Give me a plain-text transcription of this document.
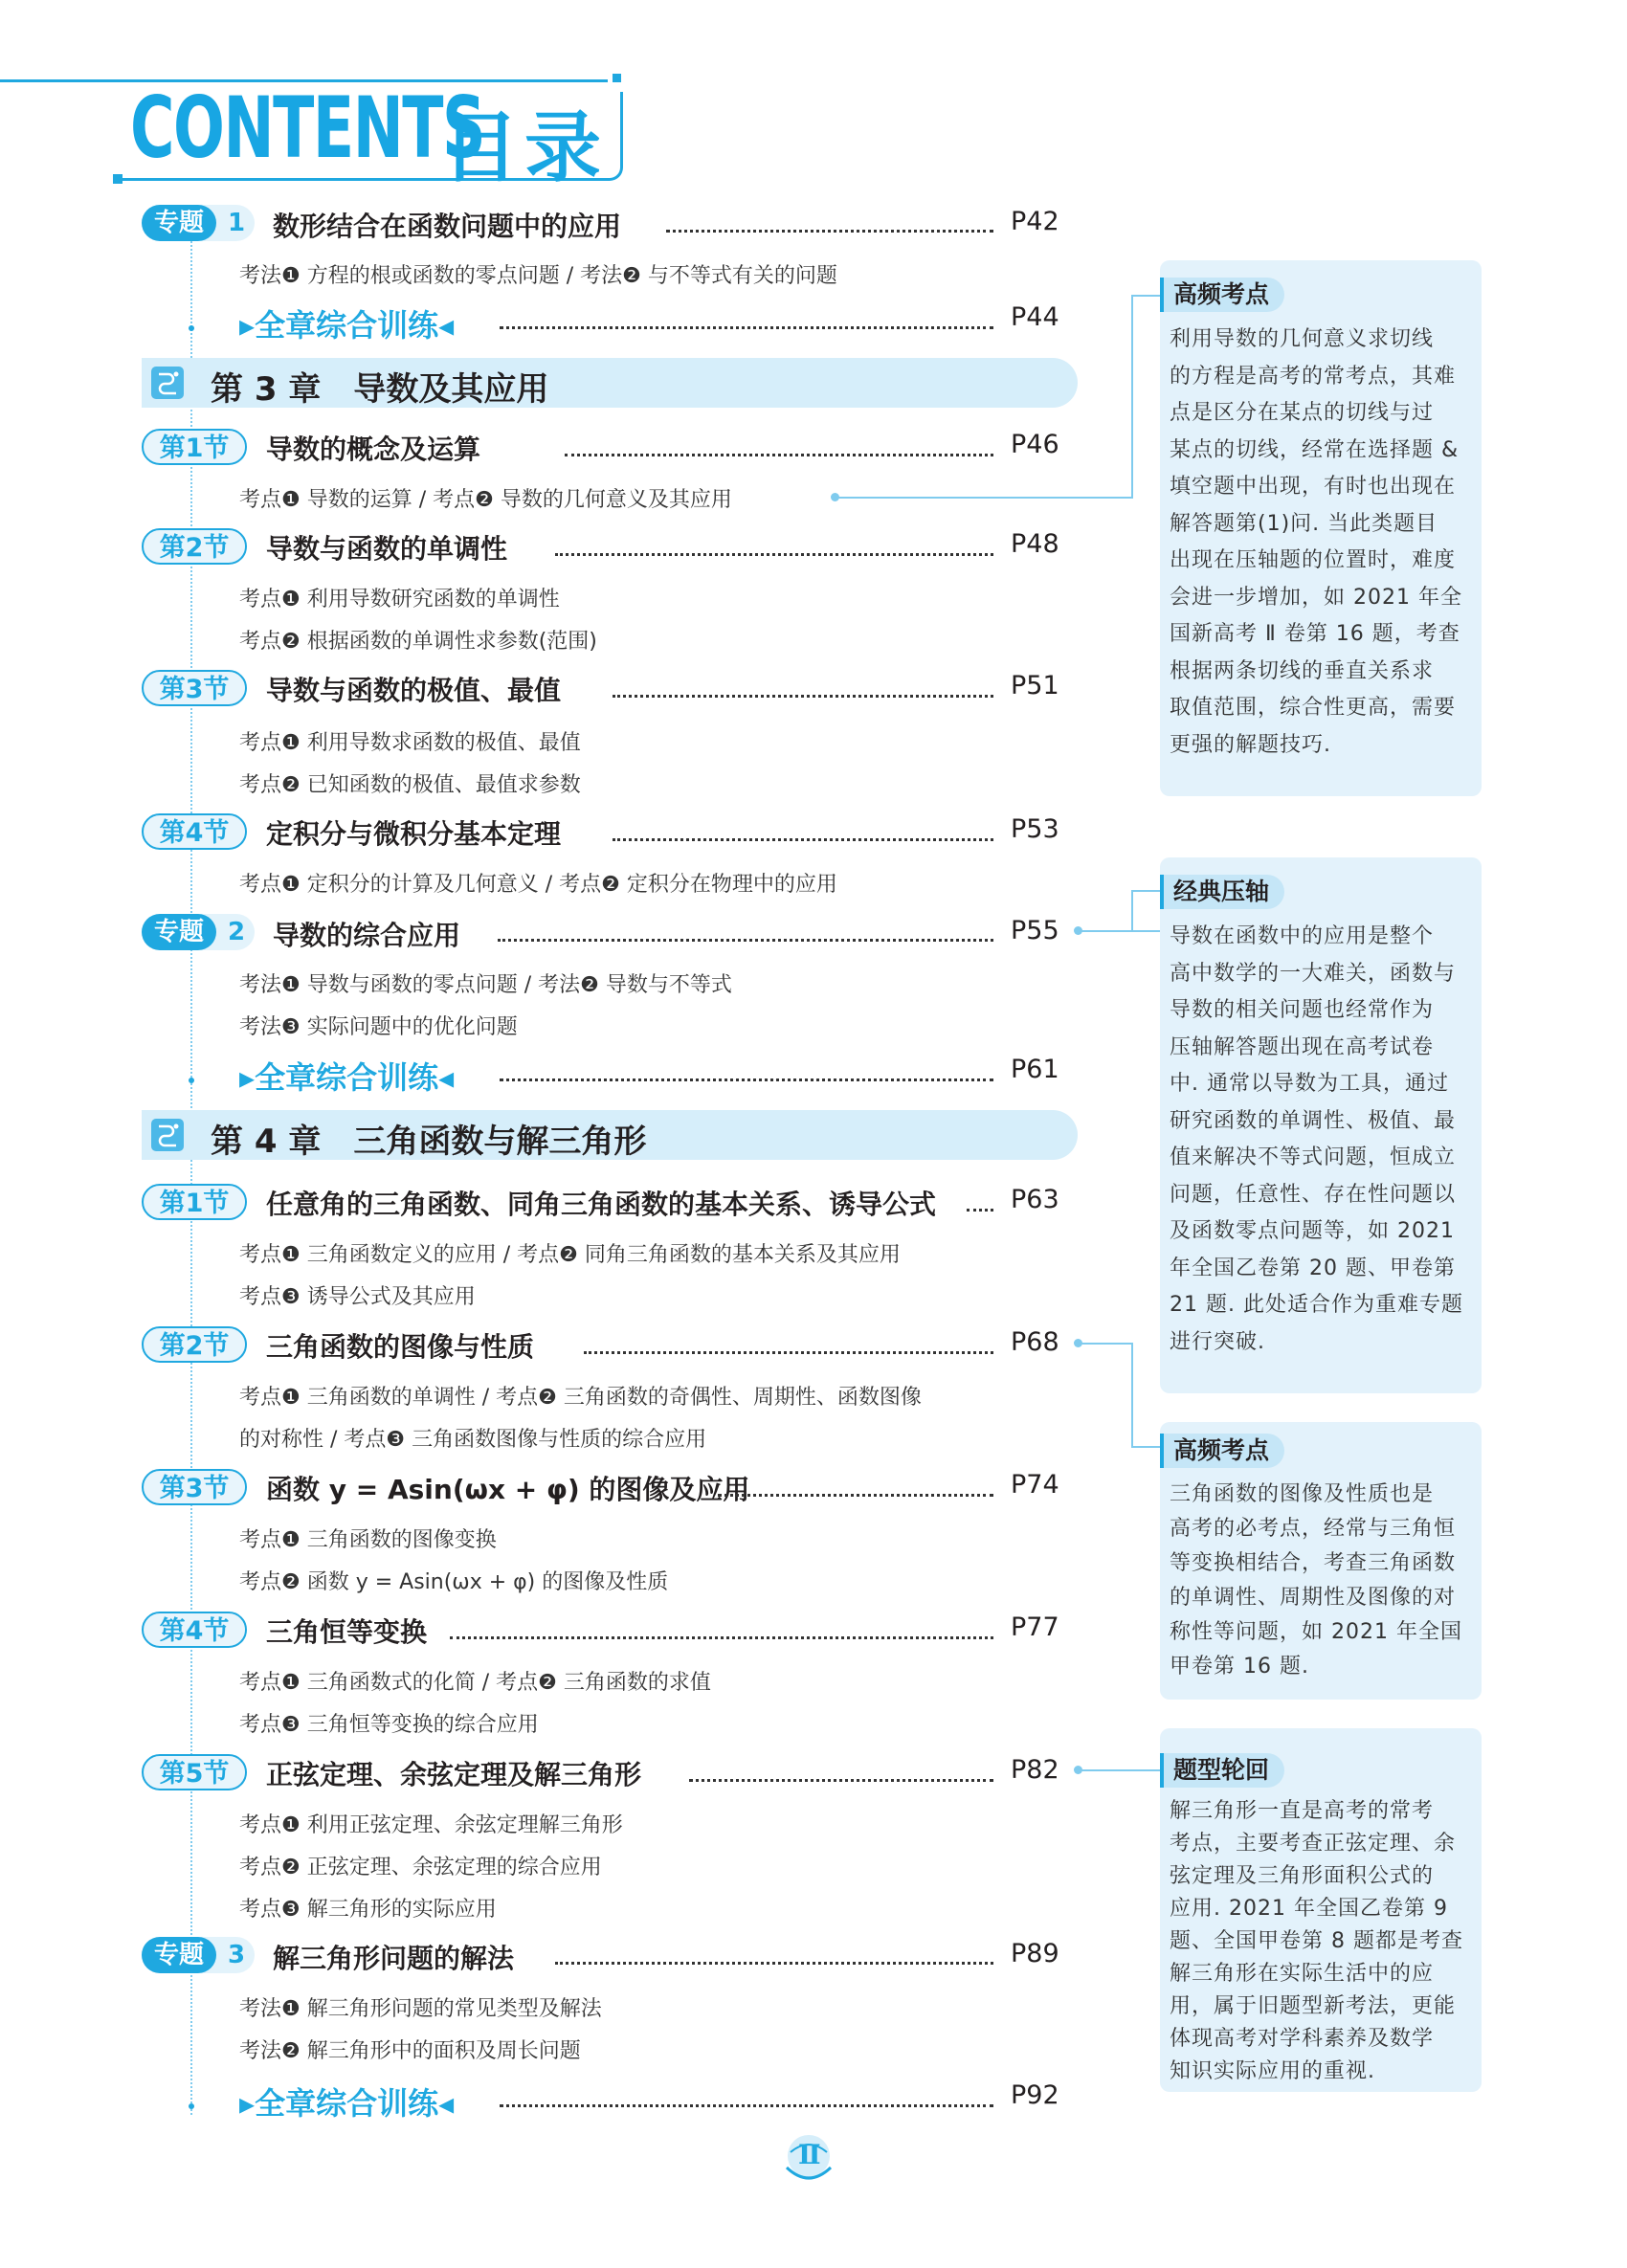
CONTENTS
目录
专题 1 数形结合在函数问题中的应用	P42
考法❶ 方程的根或函数的零点问题 / 考法❷ 与不等式有关的问题
▸全章综合训练◂	P44
第 3 章　导数及其应用
第1节	导数的概念及运算	P46
考点❶ 导数的运算 / 考点❷ 导数的几何意义及其应用
第2节	导数与函数的单调性	P48
考点❶ 利用导数研究函数的单调性
考点❷ 根据函数的单调性求参数(范围)
第3节	导数与函数的极值、最值	P51
考点❶ 利用导数求函数的极值、最值
考点❷ 已知函数的极值、最值求参数
第4节	定积分与微积分基本定理	P53
考点❶ 定积分的计算及几何意义 / 考点❷ 定积分在物理中的应用
专题 2 导数的综合应用	P55
考法❶ 导数与函数的零点问题 / 考法❷ 导数与不等式
考法❸ 实际问题中的优化问题
▸全章综合训练◂	P61
第 4 章　三角函数与解三角形
第1节	任意角的三角函数、同角三角函数的基本关系、诱导公式	P63
考点❶ 三角函数定义的应用 / 考点❷ 同角三角函数的基本关系及其应用
考点❸ 诱导公式及其应用
第2节	三角函数的图像与性质	P68
考点❶ 三角函数的单调性 / 考点❷ 三角函数的奇偶性、周期性、函数图像
的对称性 / 考点❸ 三角函数图像与性质的综合应用
第3节	函数 y = Asin(ωx + φ) 的图像及应用	P74
考点❶ 三角函数的图像变换
考点❷ 函数 y = Asin(ωx + φ) 的图像及性质
第4节	三角恒等变换	P77
考点❶ 三角函数式的化简 / 考点❷ 三角函数的求值
考点❸ 三角恒等变换的综合应用
第5节	正弦定理、余弦定理及解三角形	P82
考点❶ 利用正弦定理、余弦定理解三角形
考点❷ 正弦定理、余弦定理的综合应用
考点❸ 解三角形的实际应用
专题 3 解三角形问题的解法	P89
考法❶ 解三角形问题的常见类型及解法
考法❷ 解三角形中的面积及周长问题
▸全章综合训练◂	P92
高频考点
利用导数的几何意义求切线
的方程是高考的常考点，其难
点是区分在某点的切线与过
某点的切线，经常在选择题 &
填空题中出现，有时也出现在
解答题第(1)问. 当此类题目
出现在压轴题的位置时，难度
会进一步增加，如 2021 年全
国新高考 Ⅱ 卷第 16 题，考查
根据两条切线的垂直关系求
取值范围，综合性更高，需要
更强的解题技巧.
经典压轴
导数在函数中的应用是整个
高中数学的一大难关，函数与
导数的相关问题也经常作为
压轴解答题出现在高考试卷
中. 通常以导数为工具，通过
研究函数的单调性、极值、最
值来解决不等式问题，恒成立
问题，任意性、存在性问题以
及函数零点问题等，如 2021
年全国乙卷第 20 题、甲卷第
21 题. 此处适合作为重难专题
进行突破.
高频考点
三角函数的图像及性质也是
高考的必考点，经常与三角恒
等变换相结合，考查三角函数
的单调性、周期性及图像的对
称性等问题，如 2021 年全国
甲卷第 16 题.
题型轮回
解三角形一直是高考的常考
考点，主要考查正弦定理、余
弦定理及三角形面积公式的
应用. 2021 年全国乙卷第 9
题、全国甲卷第 8 题都是考查
解三角形在实际生活中的应
用，属于旧题型新考法，更能
体现高考对学科素养及数学
知识实际应用的重视.
Ⅱ
